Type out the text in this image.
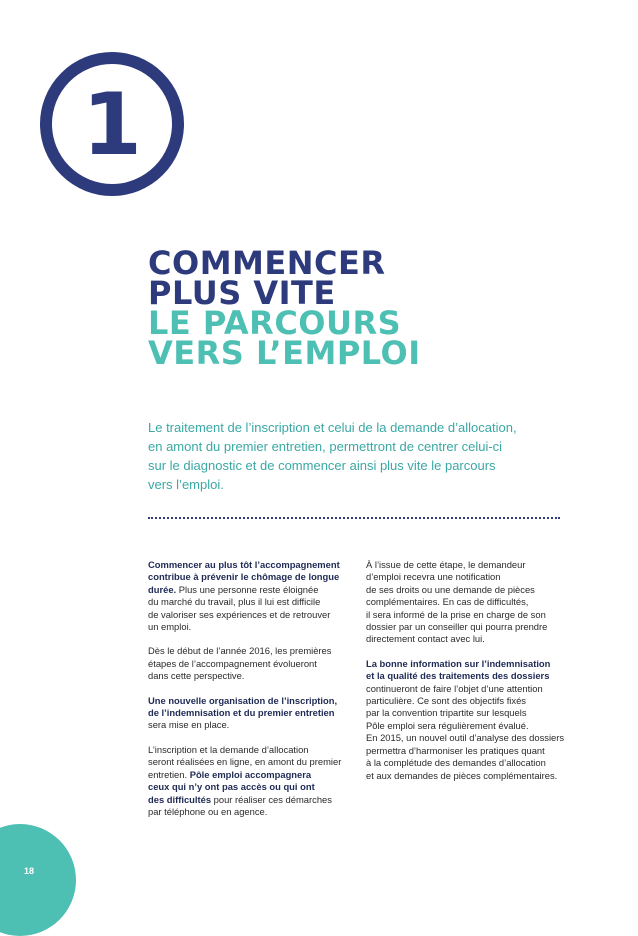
1
COMMENCER
PLUS VITE
LE PARCOURS
VERS L’EMPLOI

Le traitement de l’inscription et celui de la demande d’allocation,
en amont du premier entretien, permettront de centrer celui-ci
sur le diagnostic et de commencer ainsi plus vite le parcours
vers l’emploi.

Commencer au plus tôt l’accompagnement
contribue à prévenir le chômage de longue
durée. Plus une personne reste éloignée
du marché du travail, plus il lui est difficile
de valoriser ses expériences et de retrouver
un emploi.

Dès le début de l’année 2016, les premières
étapes de l’accompagnement évolueront
dans cette perspective.

Une nouvelle organisation de l’inscription,
de l’indemnisation et du premier entretien
sera mise en place.

L’inscription et la demande d’allocation
seront réalisées en ligne, en amont du premier
entretien. Pôle emploi accompagnera
ceux qui n’y ont pas accès ou qui ont
des difficultés pour réaliser ces démarches
par téléphone ou en agence.

À l’issue de cette étape, le demandeur
d’emploi recevra une notification
de ses droits ou une demande de pièces
complémentaires. En cas de difficultés,
il sera informé de la prise en charge de son
dossier par un conseiller qui pourra prendre
directement contact avec lui.

La bonne information sur l’indemnisation
et la qualité des traitements des dossiers
continueront de faire l’objet d’une attention
particulière. Ce sont des objectifs fixés
par la convention tripartite sur lesquels
Pôle emploi sera régulièrement évalué.
En 2015, un nouvel outil d’analyse des dossiers
permettra d’harmoniser les pratiques quant
à la complétude des demandes d’allocation
et aux demandes de pièces complémentaires.

18
